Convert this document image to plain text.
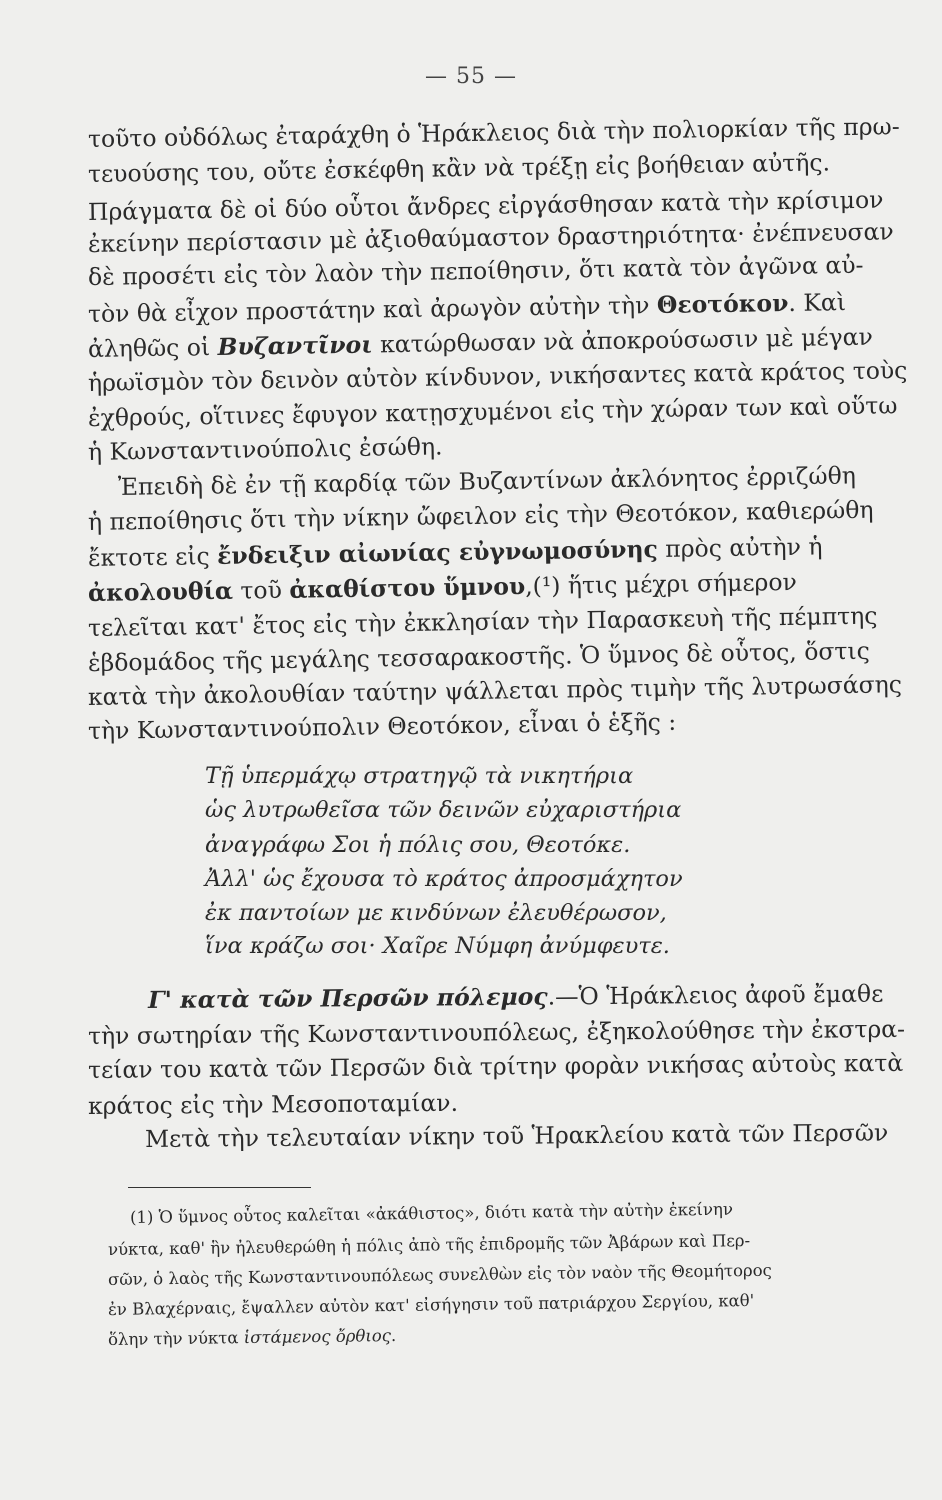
— 55 —
τοῦτο οὐδόλως ἐταράχθη ὁ Ἡράκλειος διὰ τὴν πολιορκίαν τῆς πρω-
τευούσης του, οὔτε ἐσκέφθη κἂν νὰ τρέξῃ εἰς βοήθειαν αὐτῆς.
Πράγματα δὲ οἱ δύο οὗτοι ἄνδρες εἰργάσθησαν κατὰ τὴν κρίσιμον
ἐκείνην περίστασιν μὲ ἀξιοθαύμαστον δραστηριότητα· ἐνέπνευσαν
δὲ προσέτι εἰς τὸν λαὸν τὴν πεποίθησιν, ὅτι κατὰ τὸν ἀγῶνα αὐ-
τὸν θὰ εἶχον προστάτην καὶ ἀρωγὸν αὐτὴν τὴν Θεοτόκον. Καὶ
ἀληθῶς οἱ Βυζαντῖνοι κατώρθωσαν νὰ ἀποκρούσωσιν μὲ μέγαν
ἡρωϊσμὸν τὸν δεινὸν αὐτὸν κίνδυνον, νικήσαντες κατὰ κράτος τοὺς
ἐχθρούς, οἵτινες ἔφυγον κατῃσχυμένοι εἰς τὴν χώραν των καὶ οὕτω
ἡ Κωνσταντινούπολις ἐσώθη.
Ἐπειδὴ δὲ ἐν τῇ καρδίᾳ τῶν Βυζαντίνων ἀκλόνητος ἐρριζώθη
ἡ πεποίθησις ὅτι τὴν νίκην ὤφειλον εἰς τὴν Θεοτόκον, καθιερώθη
ἔκτοτε εἰς ἔνδειξιν αἰωνίας εὐγνωμοσύνης πρὸς αὐτὴν ἡ
ἀκολουθία τοῦ ἀκαθίστου ὕμνου,(¹) ἥτις μέχρι σήμερον
τελεῖται κατ' ἔτος εἰς τὴν ἐκκλησίαν τὴν Παρασκευὴ τῆς πέμπτης
ἑβδομάδος τῆς μεγάλης τεσσαρακοστῆς. Ὁ ὕμνος δὲ οὗτος, ὅστις
κατὰ τὴν ἀκολουθίαν ταύτην ψάλλεται πρὸς τιμὴν τῆς λυτρωσάσης
τὴν Κωνσταντινούπολιν Θεοτόκον, εἶναι ὁ ἑξῆς :
Τῇ ὑπερμάχῳ στρατηγῷ τὰ νικητήρια
ὡς λυτρωθεῖσα τῶν δεινῶν εὐχαριστήρια
ἀναγράφω Σοι ἡ πόλις σου, Θεοτόκε.
Ἀλλ' ὡς ἔχουσα τὸ κράτος ἀπροσμάχητον
ἐκ παντοίων με κινδύνων ἐλευθέρωσον,
ἵνα κράζω σοι· Χαῖρε Νύμφη ἀνύμφευτε.
Γ' κατὰ τῶν Περσῶν πόλεμος.—Ὁ Ἡράκλειος ἀφοῦ ἔμαθε
τὴν σωτηρίαν τῆς Κωνσταντινουπόλεως, ἐξηκολούθησε τὴν ἐκστρα-
τείαν του κατὰ τῶν Περσῶν διὰ τρίτην φορὰν νικήσας αὐτοὺς κατὰ
κράτος εἰς τὴν Μεσοποταμίαν.
Μετὰ τὴν τελευταίαν νίκην τοῦ Ἡρακλείου κατὰ τῶν Περσῶν
(1) Ὁ ὕμνος οὗτος καλεῖται «ἀκάθιστος», διότι κατὰ τὴν αὐτὴν ἐκείνην
νύκτα, καθ' ἣν ἠλευθερώθη ἡ πόλις ἀπὸ τῆς ἐπιδρομῆς τῶν Ἀβάρων καὶ Περ-
σῶν, ὁ λαὸς τῆς Κωνσταντινουπόλεως συνελθὼν εἰς τὸν ναὸν τῆς Θεομήτορος
ἐν Βλαχέρναις, ἔψαλλεν αὐτὸν κατ' εἰσήγησιν τοῦ πατριάρχου Σεργίου, καθ'
ὅλην τὴν νύκτα ἱστάμενος ὄρθιος.
